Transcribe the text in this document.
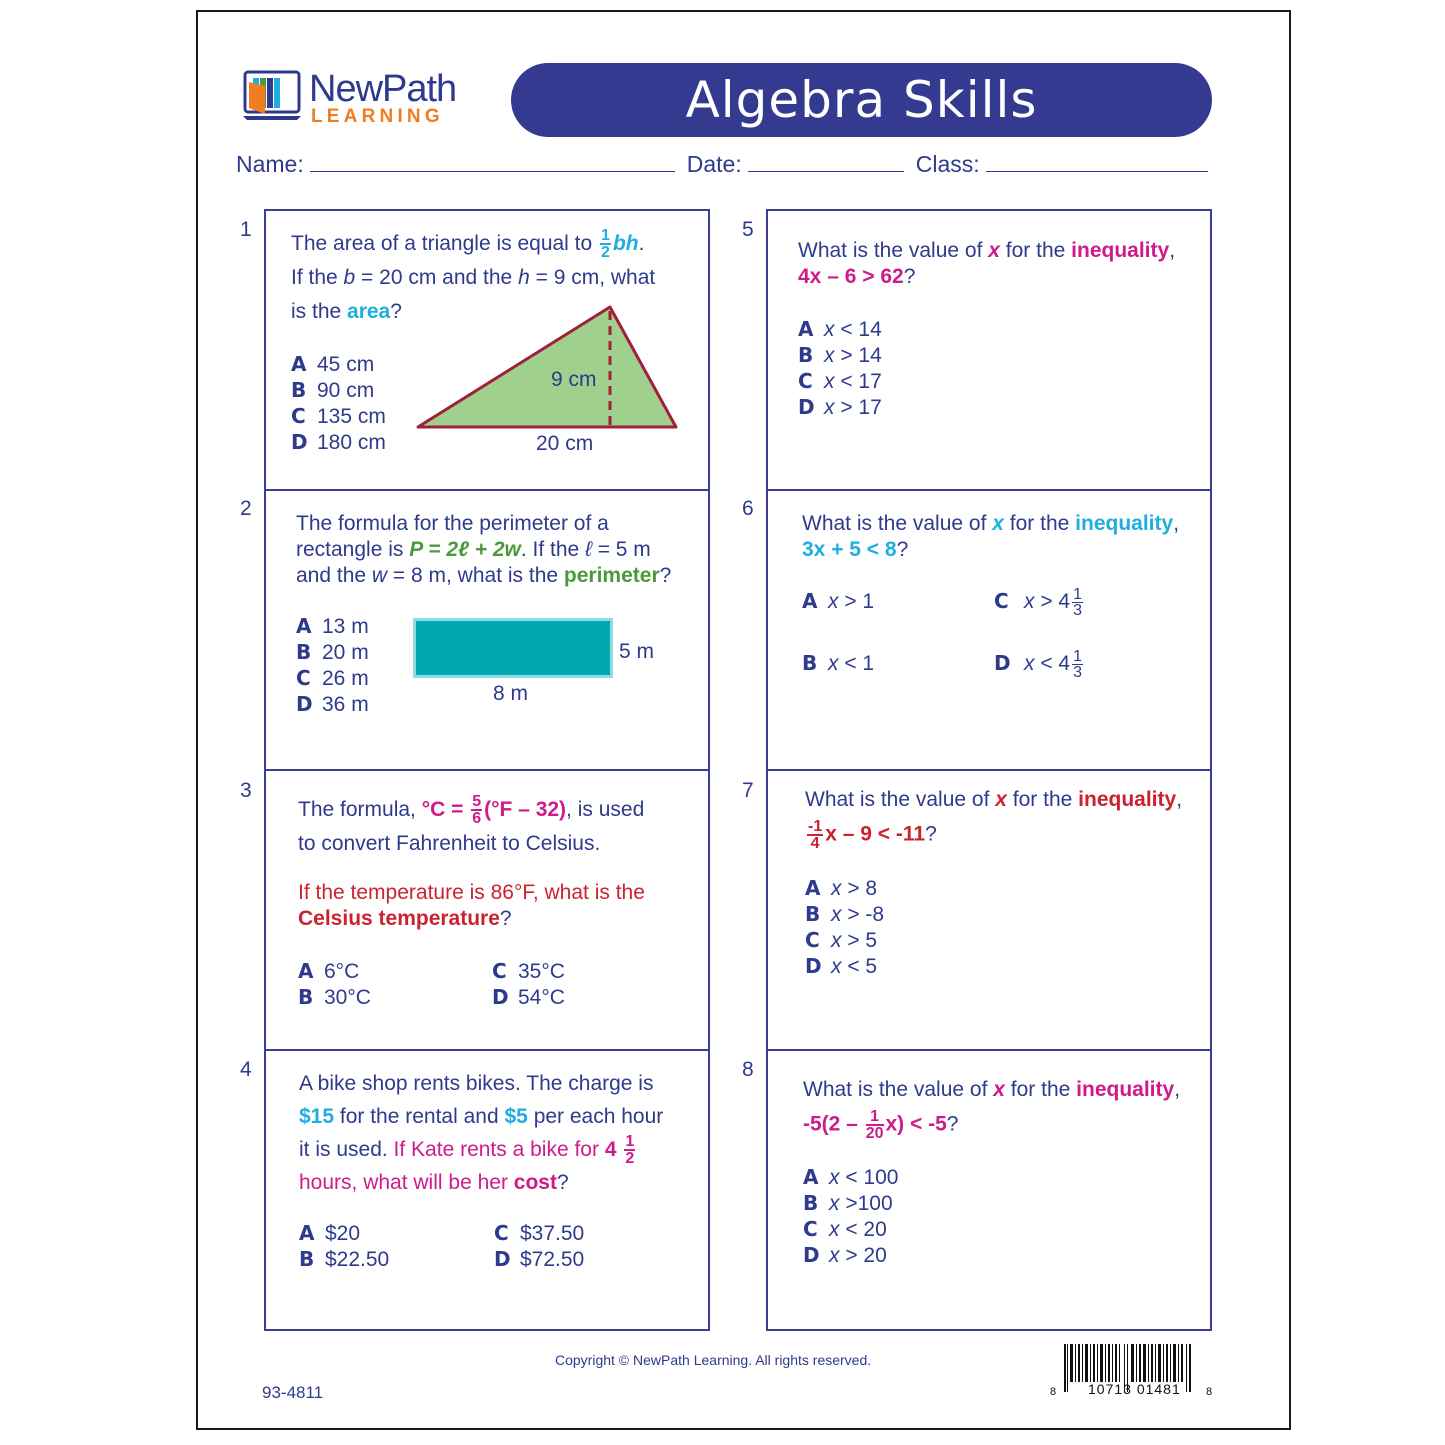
NewPath
LEARNING	Algebra Skills
Name:	Date:	Class:
1
The area of a triangle is equal to $\frac{1}{2}$ bh.
If the b = 20 cm and the h = 9 cm, what
is the area?
A 45 cm
B 90 cm
C 135 cm
D 180 cm
9 cm
20 cm
2
The formula for the perimeter of a
rectangle is P = 2ℓ + 2w. If the ℓ = 5 m
and the w = 8 m, what is the perimeter?
A 13 m
B 20 m
C 26 m
D 36 m
5 m
8 m
3
The formula, $^\circ C = \frac{5}{6} (^\circ F - 32)$, is used
to convert Fahrenheit to Celsius.
If the temperature is 86°F, what is the
Celsius temperature?
A 6°C
B 30°C
C 35°C
D 54°C
4
A bike shop rents bikes. The charge is
$15 for the rental and $5 per each hour
it is used. If Kate rents a bike for $4 \frac{1}{2}$

hours, what will be her cost?
A $20
B $22.50
C $37.50
D $72.50
5
What is the value of x for the inequality,
4x – 6 > 62?
A x < 14
B x > 14
C x < 17
D x > 17
6
What is the value of x for the inequality,
3x + 5 < 8?
A x > 1
B x < 1
C $x > 4 \frac{1}{3}$
D $x < 4 \frac{1}{3}$
7 What is the value of x for the inequality,

$\frac{-1}{4}$ x – 9 < -11?
A x > 8
B x > -8
C x > 5
D x < 5
8
What is the value of x for the inequality,
$-5(2 - \frac{1}{20} x) < -5$?
A x < 100
B x >100
C x < 20
D x > 20
Copyright © NewPath Learning. All rights reserved.
93-4811	8 10713 01481 8
